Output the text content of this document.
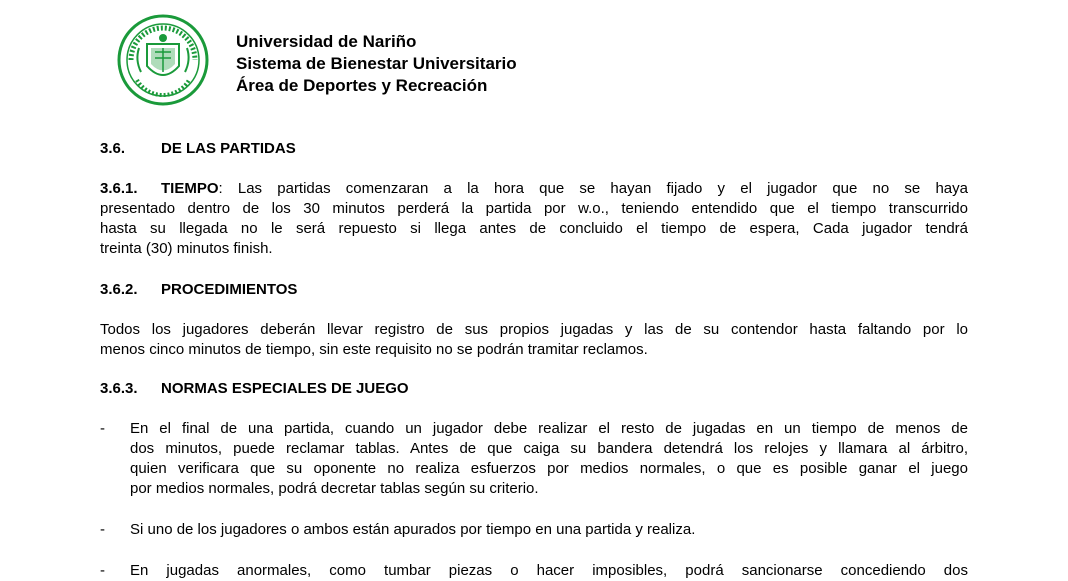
Universidad de Nariño
Sistema de Bienestar Universitario
Área de Deportes y Recreación
3.6. DE LAS PARTIDAS
3.6.1. TIEMPO: Las partidas comenzaran a la hora que se hayan fijado y el jugador que no se haya
presentado dentro de los 30 minutos perderá la partida por w.o., teniendo entendido que el tiempo transcurrido
hasta su llegada no le será repuesto si llega antes de concluido el tiempo de espera, Cada jugador tendrá
treinta (30) minutos finish.
3.6.2. PROCEDIMIENTOS
Todos los jugadores deberán llevar registro de sus propios jugadas y las de su contendor hasta faltando por lo
menos cinco minutos de tiempo, sin este requisito no se podrán tramitar reclamos.
3.6.3. NORMAS ESPECIALES DE JUEGO
- En el final de una partida, cuando un jugador debe realizar el resto de jugadas en un tiempo de menos de
dos minutos, puede reclamar tablas. Antes de que caiga su bandera detendrá los relojes y llamara al árbitro,
quien verificara que su oponente no realiza esfuerzos por medios normales, o que es posible ganar el juego
por medios normales, podrá decretar tablas según su criterio.
- Si uno de los jugadores o ambos están apurados por tiempo en una partida y realiza.
- En jugadas anormales, como tumbar piezas o hacer imposibles, podrá sancionarse concediendo dos
